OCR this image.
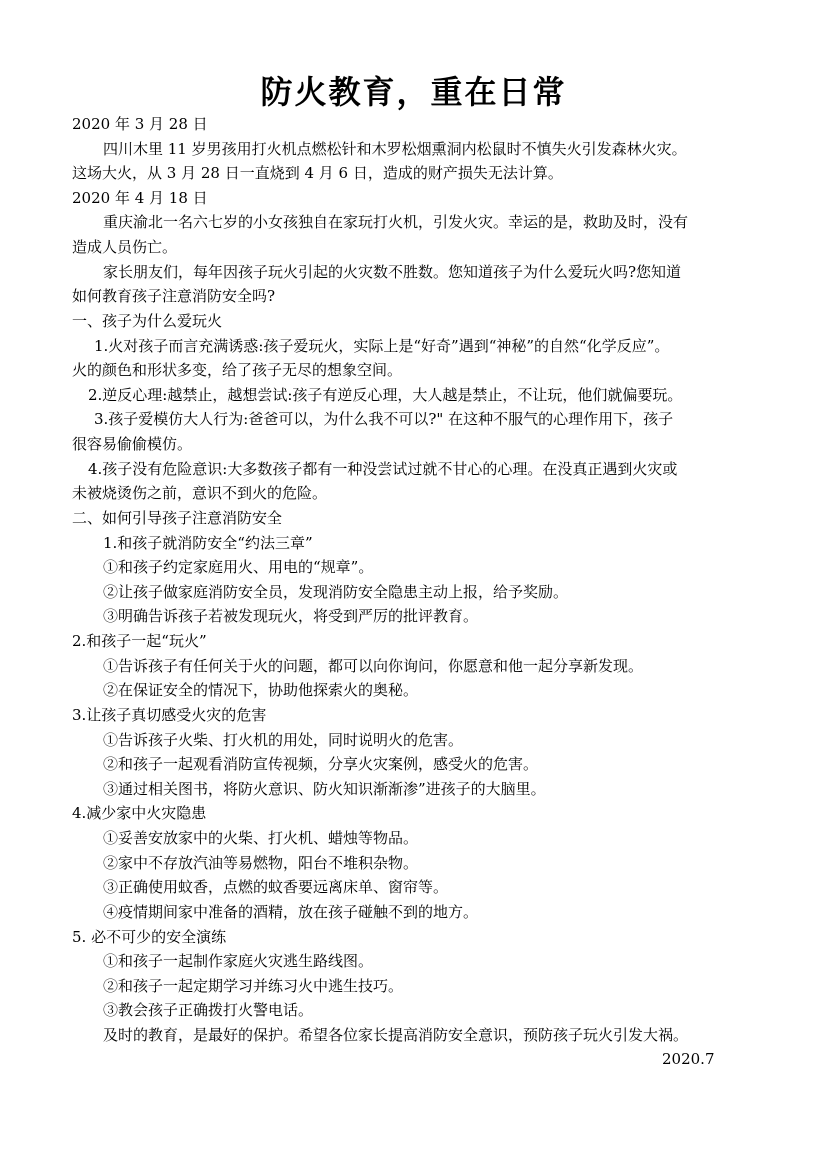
防火教育，重在日常
2020 年 3 月 28 日
四川木里 11 岁男孩用打火机点燃松针和木罗松烟熏洞内松鼠时不慎失火引发森林火灾。
这场大火，从 3 月 28 日一直烧到 4 月 6 日，造成的财产损失无法计算。
2020 年 4 月 18 日
重庆渝北一名六七岁的小女孩独自在家玩打火机，引发火灾。幸运的是，救助及时，没有
造成人员伤亡。
家长朋友们，每年因孩子玩火引起的火灾数不胜数。您知道孩子为什么爱玩火吗?您知道
如何教育孩子注意消防安全吗?
一、孩子为什么爱玩火
1.火对孩子而言充满诱惑:孩子爱玩火，实际上是“好奇”遇到“神秘”的自然“化学反应”。
火的颜色和形状多变，给了孩子无尽的想象空间。
2.逆反心理:越禁止，越想尝试:孩子有逆反心理，大人越是禁止，不让玩，他们就偏要玩。
3.孩子爱模仿大人行为:爸爸可以，为什么我不可以?" 在这种不服气的心理作用下，孩子
很容易偷偷模仿。
4.孩子没有危险意识:大多数孩子都有一种没尝试过就不甘心的心理。在没真正遇到火灾或
未被烧烫伤之前，意识不到火的危险。
二、如何引导孩子注意消防安全
1.和孩子就消防安全“约法三章”
①和孩子约定家庭用火、用电的“规章”。
②让孩子做家庭消防安全员，发现消防安全隐患主动上报，给予奖励。
③明确告诉孩子若被发现玩火，将受到严厉的批评教育。
2.和孩子一起“玩火”
①告诉孩子有任何关于火的问题，都可以向你询问，你愿意和他一起分享新发现。
②在保证安全的情况下，协助他探索火的奥秘。
3.让孩子真切感受火灾的危害
①告诉孩子火柴、打火机的用处，同时说明火的危害。
②和孩子一起观看消防宣传视频，分享火灾案例，感受火的危害。
③通过相关图书，将防火意识、防火知识渐渐渗”进孩子的大脑里。
4.减少家中火灾隐患
①妥善安放家中的火柴、打火机、蜡烛等物品。
②家中不存放汽油等易燃物，阳台不堆积杂物。
③正确使用蚊香，点燃的蚊香要远离床单、窗帘等。
④疫情期间家中准备的酒精，放在孩子碰触不到的地方。
5. 必不可少的安全演练
①和孩子一起制作家庭火灾逃生路线图。
②和孩子一起定期学习并练习火中逃生技巧。
③教会孩子正确拨打火警电话。
及时的教育，是最好的保护。希望各位家长提高消防安全意识，预防孩子玩火引发大祸。
2020.7
